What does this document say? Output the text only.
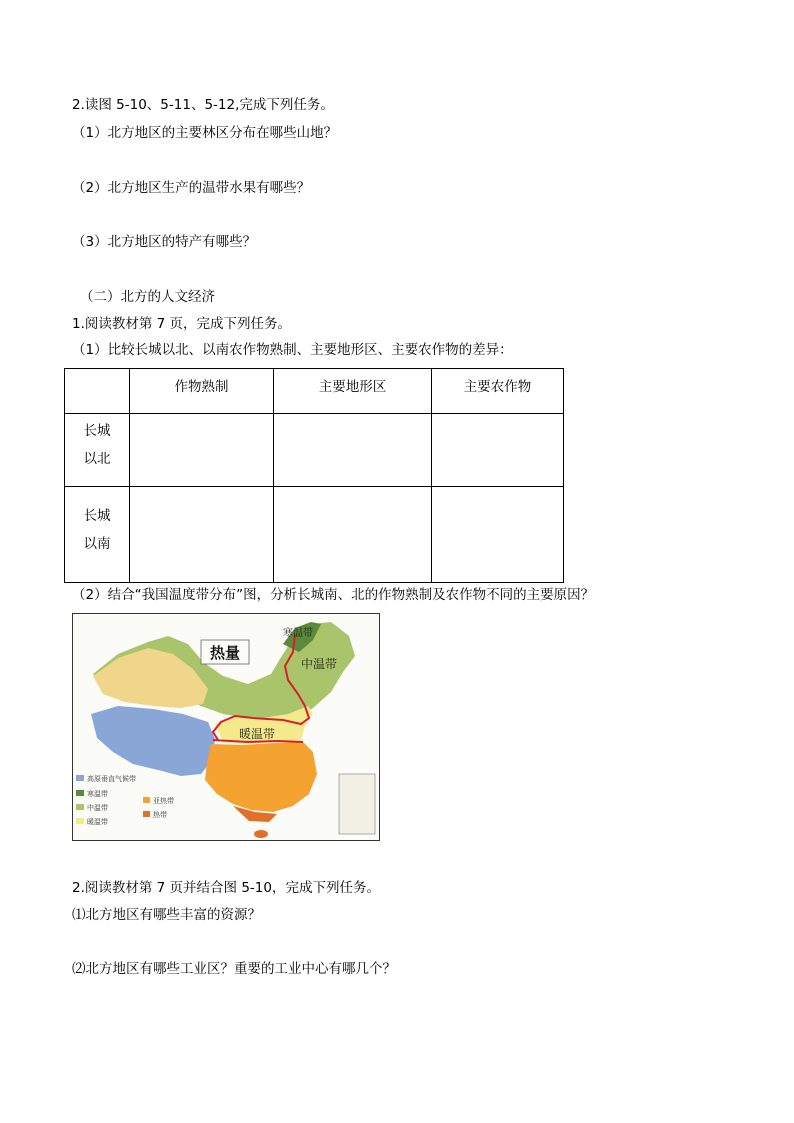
2.读图 5-10、5-11、5-12,完成下列任务。
（1）北方地区的主要林区分布在哪些山地？
（2）北方地区生产的温带水果有哪些？
（3）北方地区的特产有哪些？
（二）北方的人文经济
1.阅读教材第 7 页，完成下列任务。
（1）比较长城以北、以南农作物熟制、主要地形区、主要农作物的差异：
	作物熟制	主要地形区	主要农作物

长城
以北			

长城
以南			

（2）结合“我国温度带分布”图，分析长城南、北的作物熟制及农作物不同的主要原因？
热量
寒温带
中温带
暖温带
高原垂直气候带
寒温带
中温带
暖温带
亚热带
热带
2.阅读教材第 7 页并结合图 5-10，完成下列任务。
⑴北方地区有哪些丰富的资源？
⑵北方地区有哪些工业区？重要的工业中心有哪几个？
